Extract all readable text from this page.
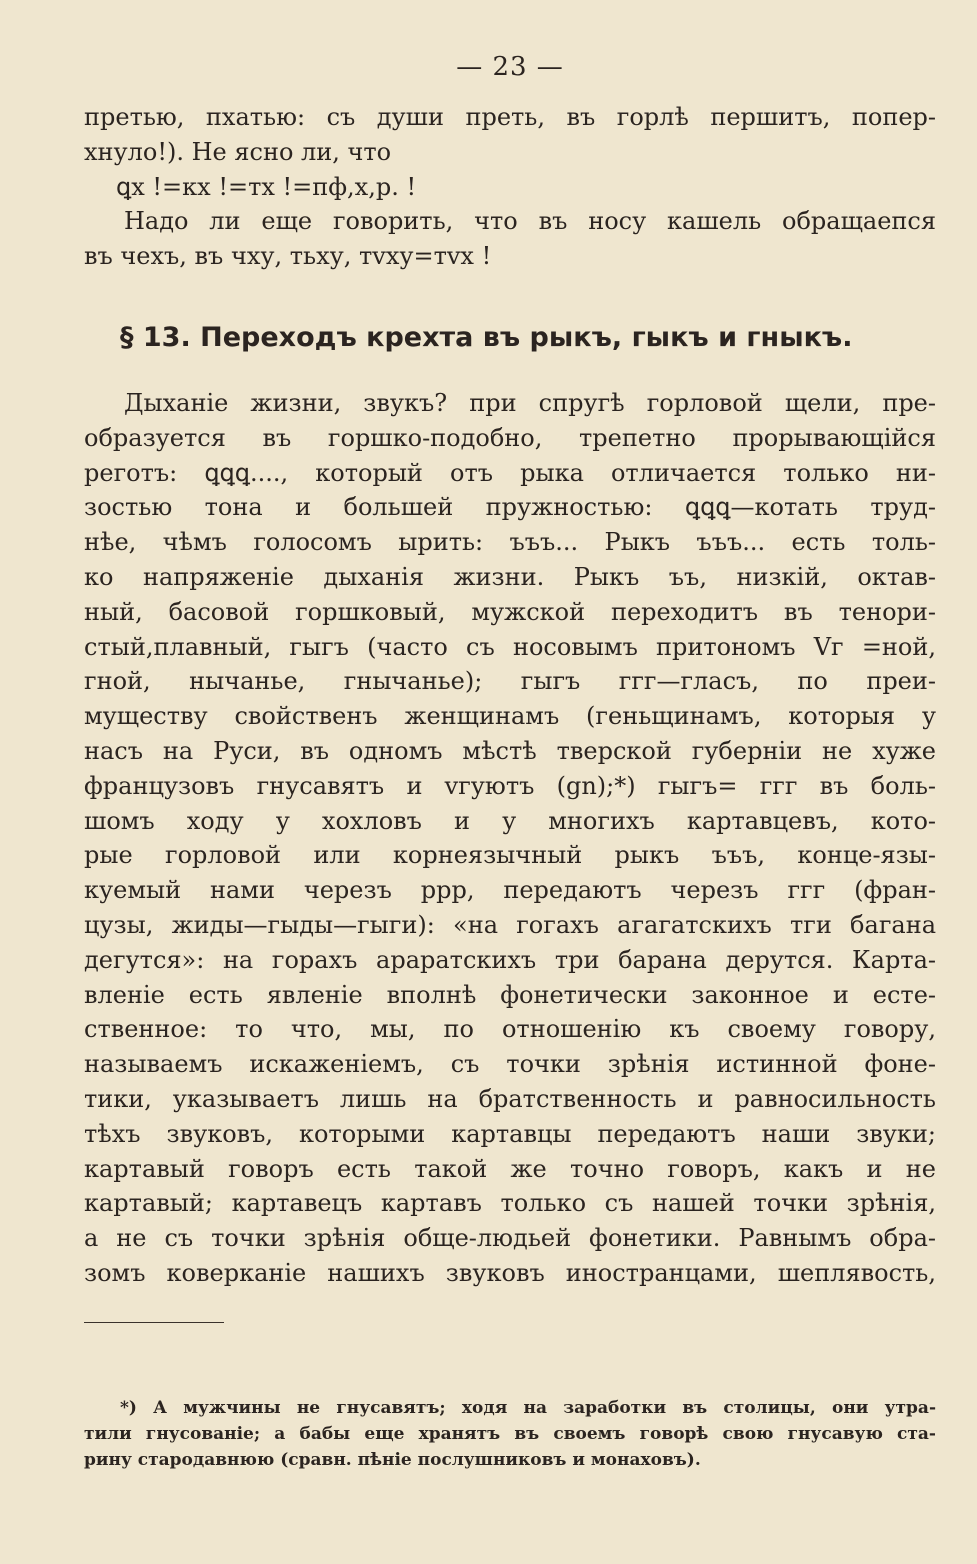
— 23 —
претью, пхатью: съ души преть, въ горлѣ першитъ, попер-
хнуло!). Не ясно ли, что
ꝗх !=кх !=тх !=пф,х,р. !
Надо ли еще говорить, что въ носу кашель обращаепся
въ чехъ, въ чху, тьху, тvху=тvх !
§ 13. Переходъ крехта въ рыкъ, гыкъ и гныкъ.
Дыханіе жизни, звукъ? при спругѣ горловой щели, пре-
образуется въ горшко-подобно, трепетно прорывающійся
реготъ: ꝗꝗꝗ...., который отъ рыка отличается только ни-
зостью тона и большей пружностью: ꝗꝗꝗ—котать труд-
нѣе, чѣмъ голосомъ ырить: ъъъ... Рыкъ ъъъ... есть толь-
ко напряженіе дыханія жизни. Рыкъ ъъ, низкій, октав-
ный, басовой горшковый, мужской переходитъ въ тенори-
стый,плавный, гыгъ (часто съ носовымъ притономъ Vг =ной,
гной, нычанье, гнычанье); гыгъ ггг—гласъ, по преи-
муществу свойственъ женщинамъ (геньщинамъ, которыя у
насъ на Руси, въ одномъ мѣстѣ тверской губерніи не хуже
французовъ гнусавятъ и vгуютъ (gn);*) гыгъ= ггг въ боль-
шомъ ходу у хохловъ и у многихъ картавцевъ, кото-
рые горловой или корнеязычный рыкъ ъъъ, конце-язы-
куемый нами черезъ ррр, передаютъ черезъ ггг (фран-
цузы, жиды—гыды—гыги): «на гогахъ агагатскихъ тги багана
дегутся»: на горахъ араратскихъ три барана дерутся. Карта-
вленіе есть явленіе вполнѣ фонетически законное и есте-
ственное: то что, мы, по отношенію къ своему говору,
называемъ искаженіемъ, съ точки зрѣнія истинной фоне-
тики, указываетъ лишь на братственность и равносильность
тѣхъ звуковъ, которыми картавцы передаютъ наши звуки;
картавый говоръ есть такой же точно говоръ, какъ и не
картавый; картавецъ картавъ только съ нашей точки зрѣнія,
а не съ точки зрѣнія обще-людьей фонетики. Равнымъ обра-
зомъ коверканіе нашихъ звуковъ иностранцами, шеплявость,
*) А мужчины не гнусавятъ; ходя на заработки въ столицы, они утра-
тили гнусованіе; а бабы еще хранятъ въ своемъ говорѣ свою гнусавую ста-
рину стародавнюю (сравн. пѣніе послушниковъ и монаховъ).
